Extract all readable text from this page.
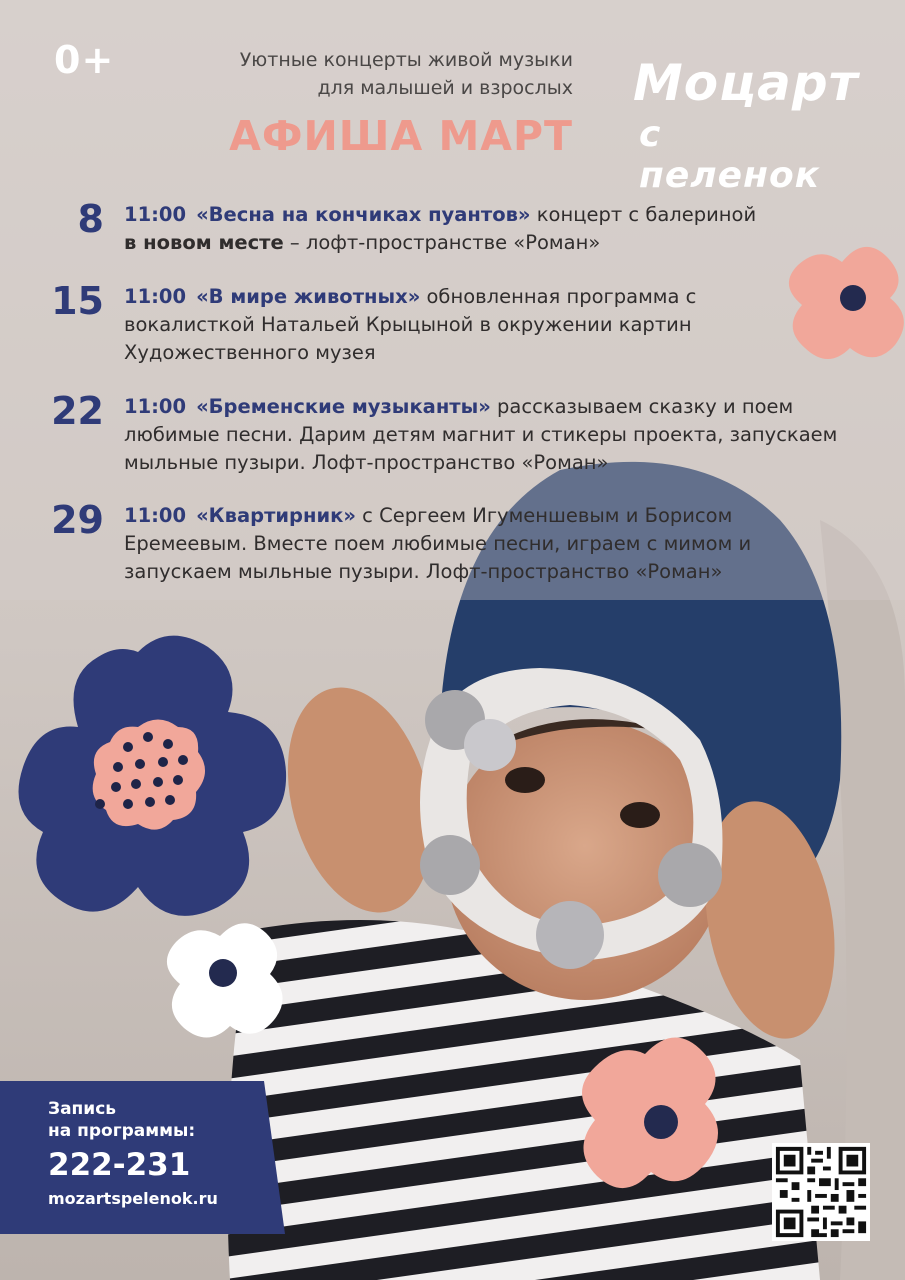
0+	Уютные концерты живой музыки
для малышей и взрослых
АФИША МАРТ
Моцарт
с пеленок
8 11:00 «Весна на кончиках пуантов» концерт с балериной
в новом месте – лофт-пространстве «Роман»
15 11:00 «В мире животных» обновленная программа с вокалисткой Натальей Крыцыной в окружении картин Художественного музея
22 11:00 «Бременские музыканты» рассказываем сказку и поем любимые песни. Дарим детям магнит и стикеры проекта, запускаем мыльные пузыри. Лофт-пространство «Роман»
29 11:00 «Квартирник» с Сергеем Игуменшевым и Борисом Еремеевым. Вместе поем любимые песни, играем с мимом и запускаем мыльные пузыри. Лофт-пространство «Роман»
Запись
на программы:
222-231
mozartspelenok.ru
